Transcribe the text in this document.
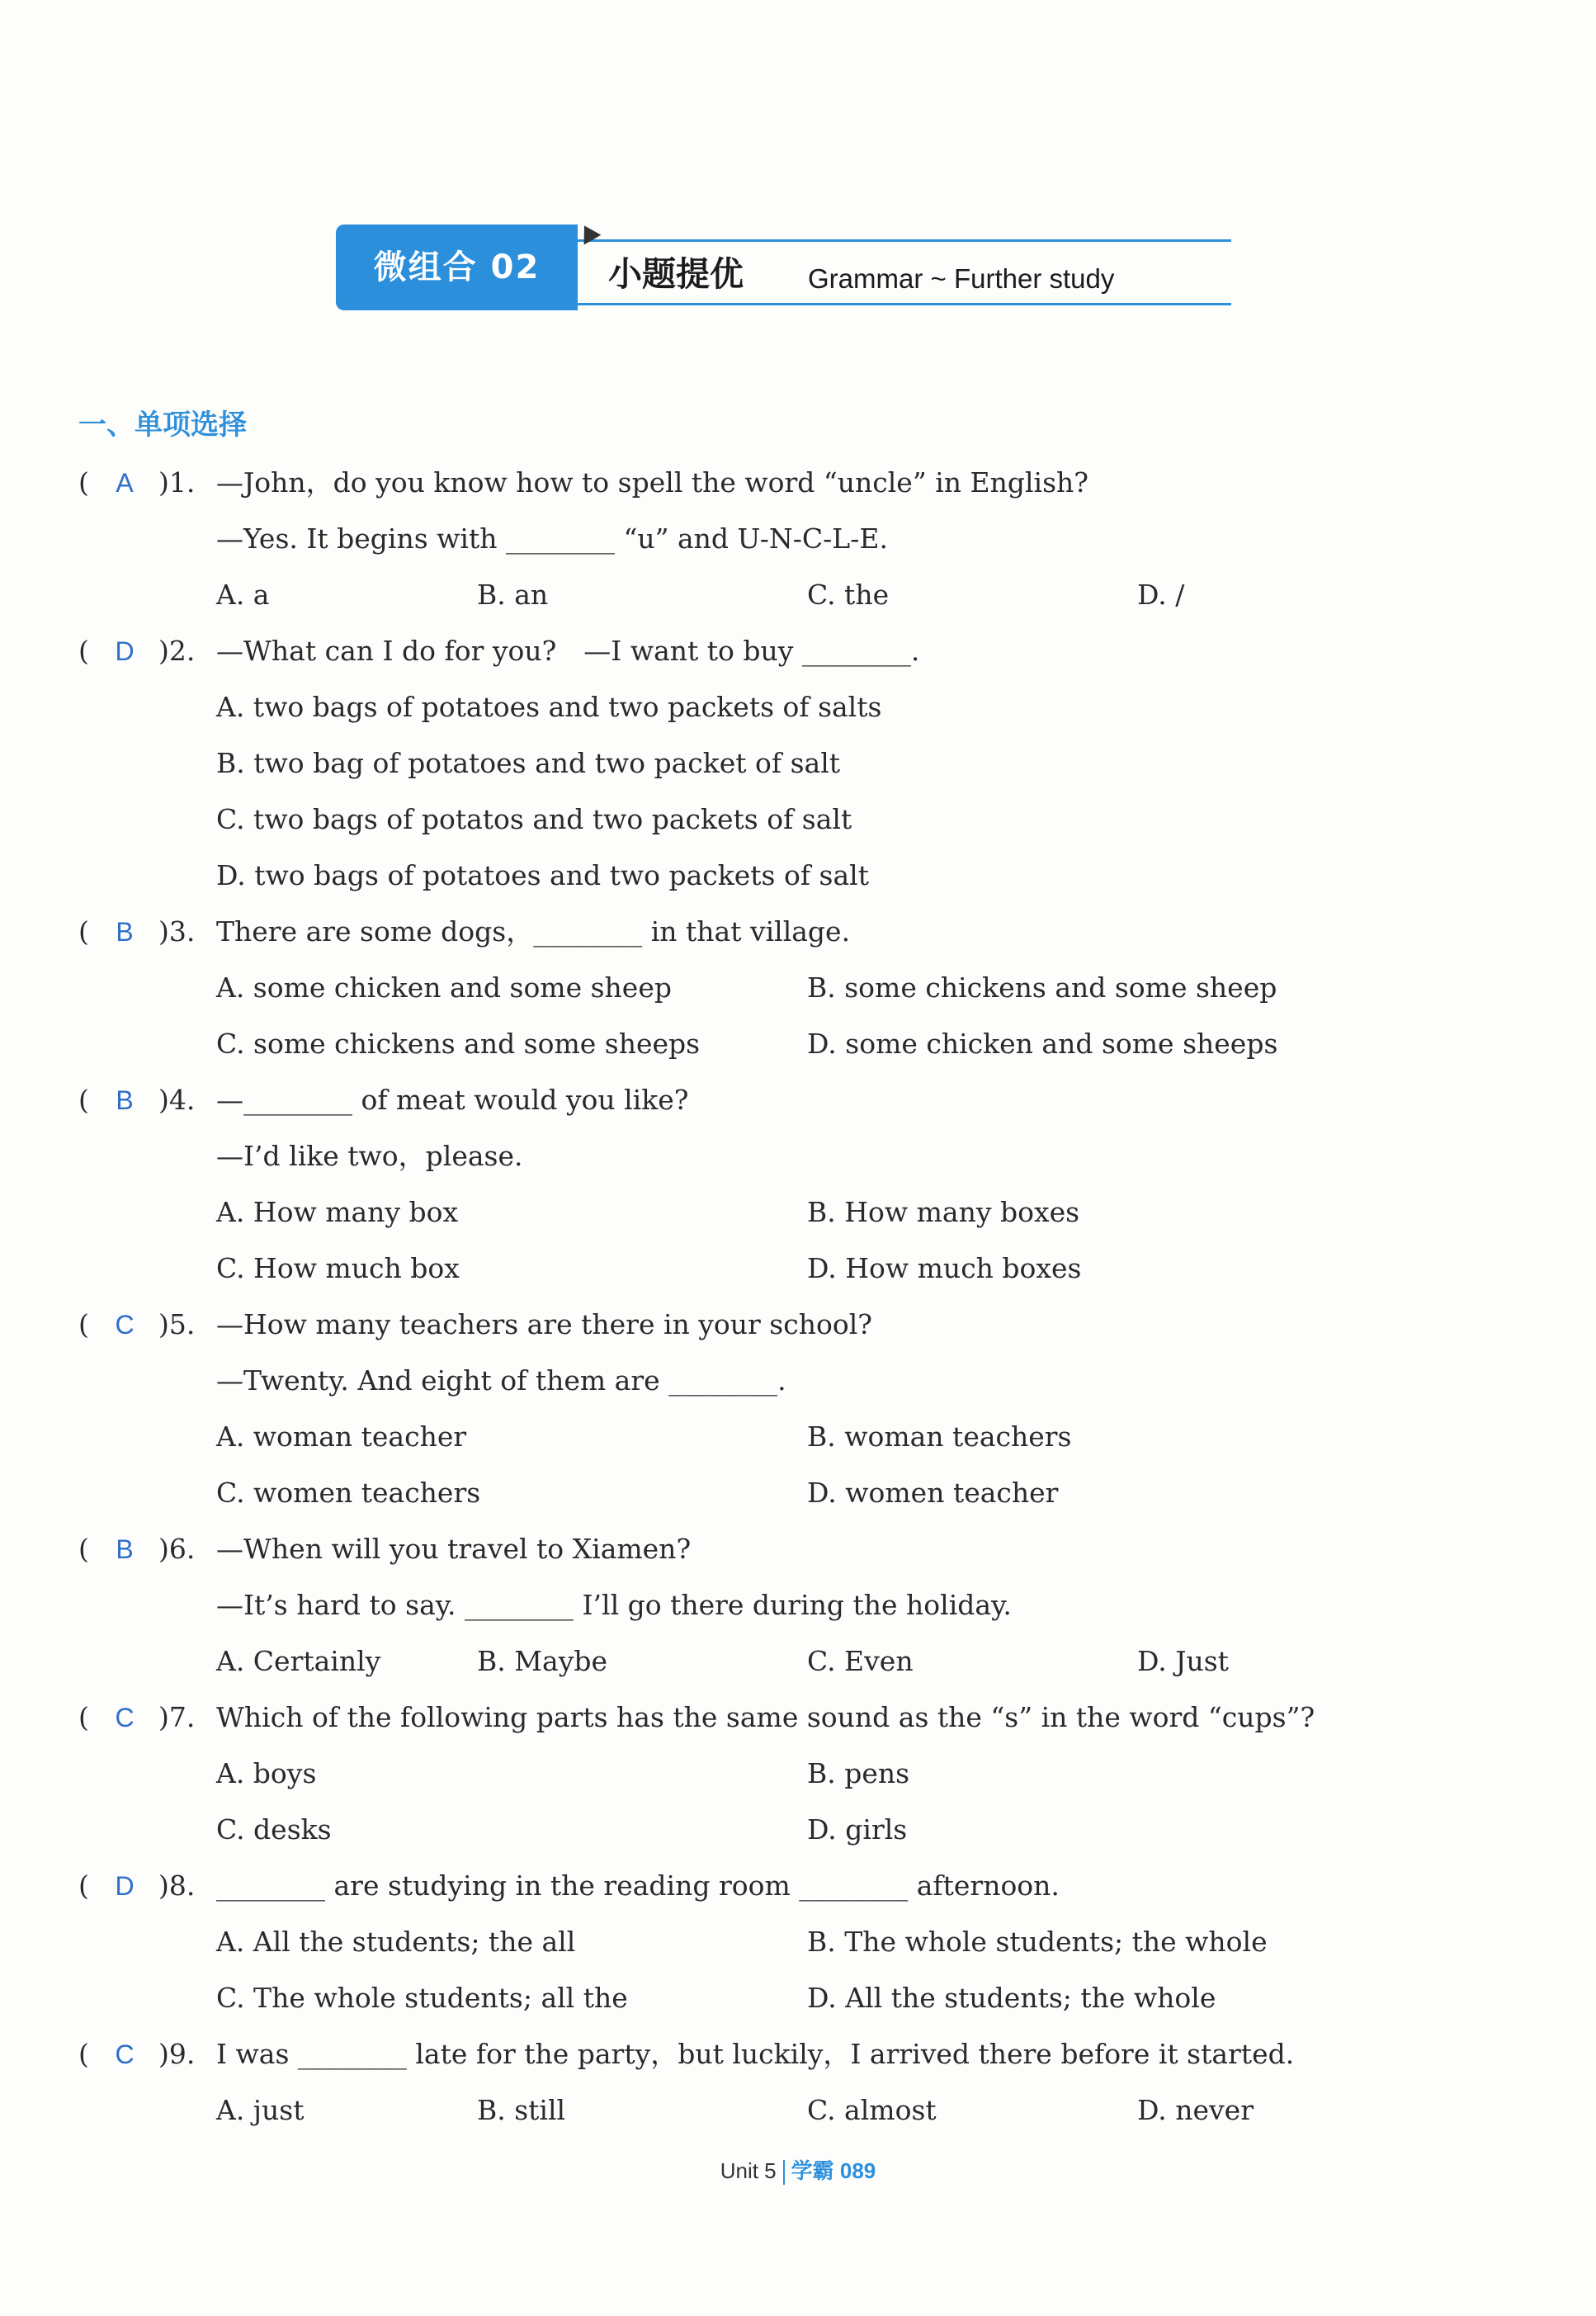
微组合 02	小题提优 Grammar ~ Further study
一、单项选择
( A )1. —John，do you know how to spell the word “uncle” in English?
—Yes. It begins with ________ “u” and U-N-C-L-E.
A. a	B. an	C. the	D. /
( D )2. —What can I do for you?　—I want to buy ________.
A. two bags of potatoes and two packets of salts
B. two bag of potatoes and two packet of salt
C. two bags of potatos and two packets of salt
D. two bags of potatoes and two packets of salt
( B )3. There are some dogs，________ in that village.
A. some chicken and some sheep	B. some chickens and some sheep
C. some chickens and some sheeps	D. some chicken and some sheeps
( B )4. —________ of meat would you like?
—I’d like two，please.
A. How many box	B. How many boxes
C. How much box	D. How much boxes
( C )5. —How many teachers are there in your school?
—Twenty. And eight of them are ________.
A. woman teacher	B. woman teachers
C. women teachers	D. women teacher
( B )6. —When will you travel to Xiamen?
—It’s hard to say. ________ I’ll go there during the holiday.
A. Certainly	B. Maybe	C. Even	D. Just
( C )7. Which of the following parts has the same sound as the “s” in the word “cups”?
A. boys	B. pens
C. desks	D. girls
( D )8. ________ are studying in the reading room ________ afternoon.
A. All the students; the all	B. The whole students; the whole
C. The whole students; all the	D. All the students; the whole
( C )9. I was ________ late for the party，but luckily，I arrived there before it started.
A. just	B. still	C. almost	D. never
Unit 5 学霸 089
